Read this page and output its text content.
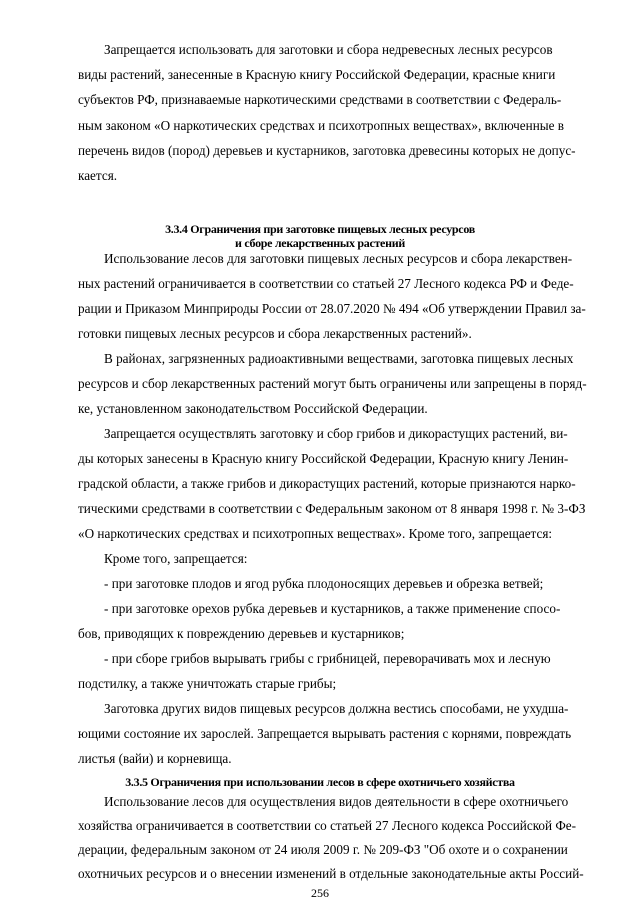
Запрещается использовать для заготовки и сбора недревесных лесных ресурсов
виды растений, занесенные в Красную книгу Российской Федерации, красные книги
субъектов РФ, признаваемые наркотическими средствами в соответствии с Федераль-
ным законом «О наркотических средствах и психотропных веществах», включенные в
перечень видов (пород) деревьев и кустарников, заготовка древесины которых не допус-
кается.
3.3.4 Ограничения при заготовке пищевых лесных ресурсов
и сборе лекарственных растений
Использование лесов для заготовки пищевых лесных ресурсов и сбора лекарствен-
ных растений ограничивается в соответствии со статьей 27 Лесного кодекса РФ и Феде-
рации и Приказом Минприроды России от 28.07.2020 № 494 «Об утверждении Правил за-
готовки пищевых лесных ресурсов и сбора лекарственных растений».
В районах, загрязненных радиоактивными веществами, заготовка пищевых лесных
ресурсов и сбор лекарственных растений могут быть ограничены или запрещены в поряд-
ке, установленном законодательством Российской Федерации.
Запрещается осуществлять заготовку и сбор грибов и дикорастущих растений, ви-
ды которых занесены в Красную книгу Российской Федерации, Красную книгу Ленин-
градской области, а также грибов и дикорастущих растений, которые признаются нарко-
тическими средствами в соответствии с Федеральным законом от 8 января 1998 г. № 3-ФЗ
«О наркотических средствах и психотропных веществах». Кроме того, запрещается:
Кроме того, запрещается:
- при заготовке плодов и ягод рубка плодоносящих деревьев и обрезка ветвей;
- при заготовке орехов рубка деревьев и кустарников, а также применение спосо-
бов, приводящих к повреждению деревьев и кустарников;
- при сборе грибов вырывать грибы с грибницей, переворачивать мох и лесную
подстилку, а также уничтожать старые грибы;
Заготовка других видов пищевых ресурсов должна вестись способами, не ухудша-
ющими состояние их зарослей. Запрещается вырывать растения с корнями, повреждать
листья (вайи) и корневища.
3.3.5 Ограничения при использовании лесов в сфере охотничьего хозяйства
Использование лесов для осуществления видов деятельности в сфере охотничьего
хозяйства ограничивается в соответствии со статьей 27 Лесного кодекса Российской Фе-
дерации, федеральным законом от 24 июля 2009 г. № 209-ФЗ "Об охоте и о сохранении
охотничьих ресурсов и о внесении изменений в отдельные законодательные акты Россий-
256
